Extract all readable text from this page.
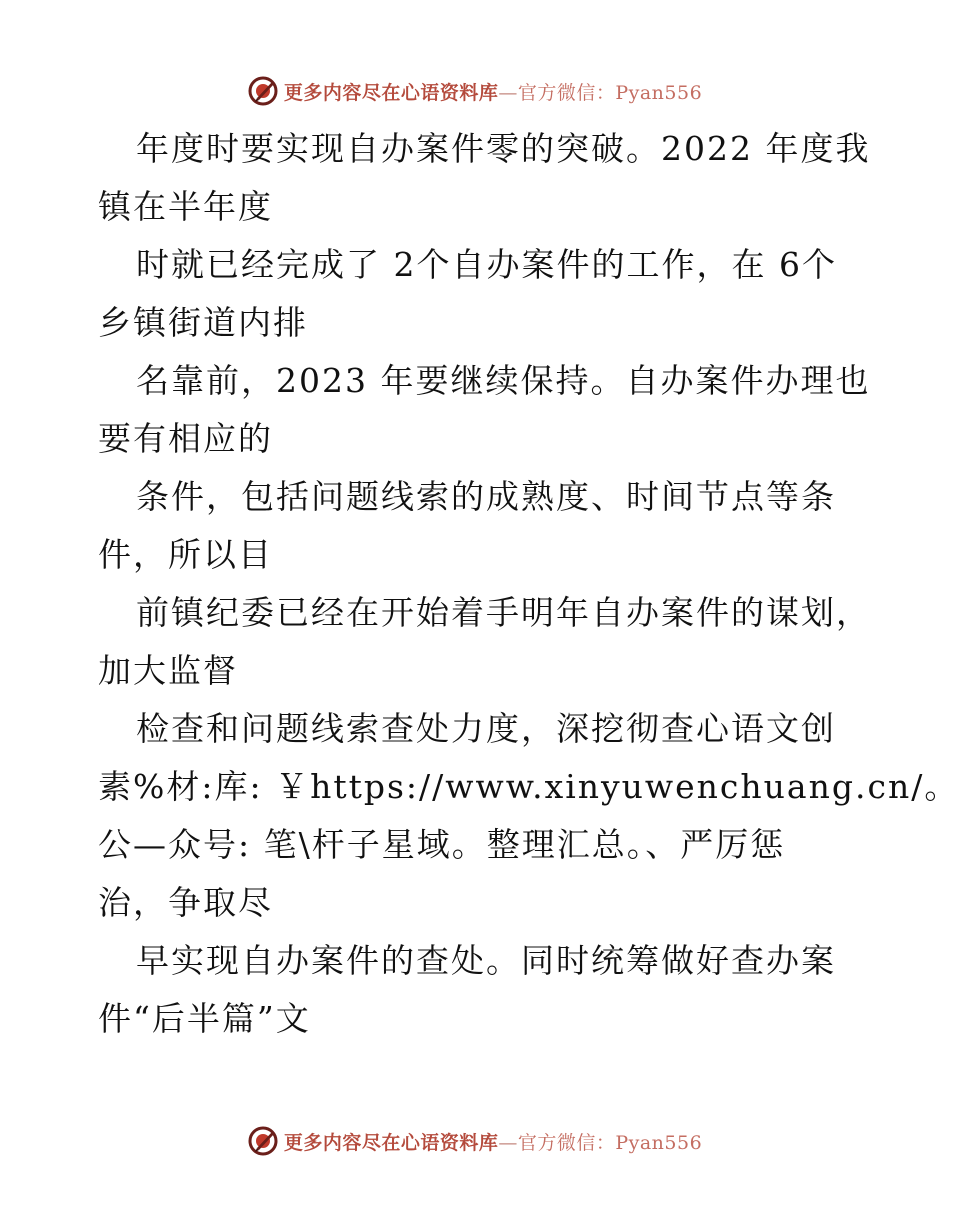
更多内容尽在心语资料库—官方微信：Pyan556
年度时要实现自办案件零的突破。2022 年度我
镇在半年度
时就已经完成了 2个自办案件的工作，在 6个
乡镇街道内排
名靠前，2023 年要继续保持。自办案件办理也
要有相应的
条件，包括问题线索的成熟度、时间节点等条
件，所以目
前镇纪委已经在开始着手明年自办案件的谋划，
加大监督
检查和问题线索查处力度，深挖彻查心语文创
素%材:库: ￥https://www.xinyuwenchuang.cn/。
公—众号: 笔\杆子星域。整理汇总。、严厉惩
治，争取尽
早实现自办案件的查处。同时统筹做好查办案
件“后半篇”文
更多内容尽在心语资料库—官方微信：Pyan556
